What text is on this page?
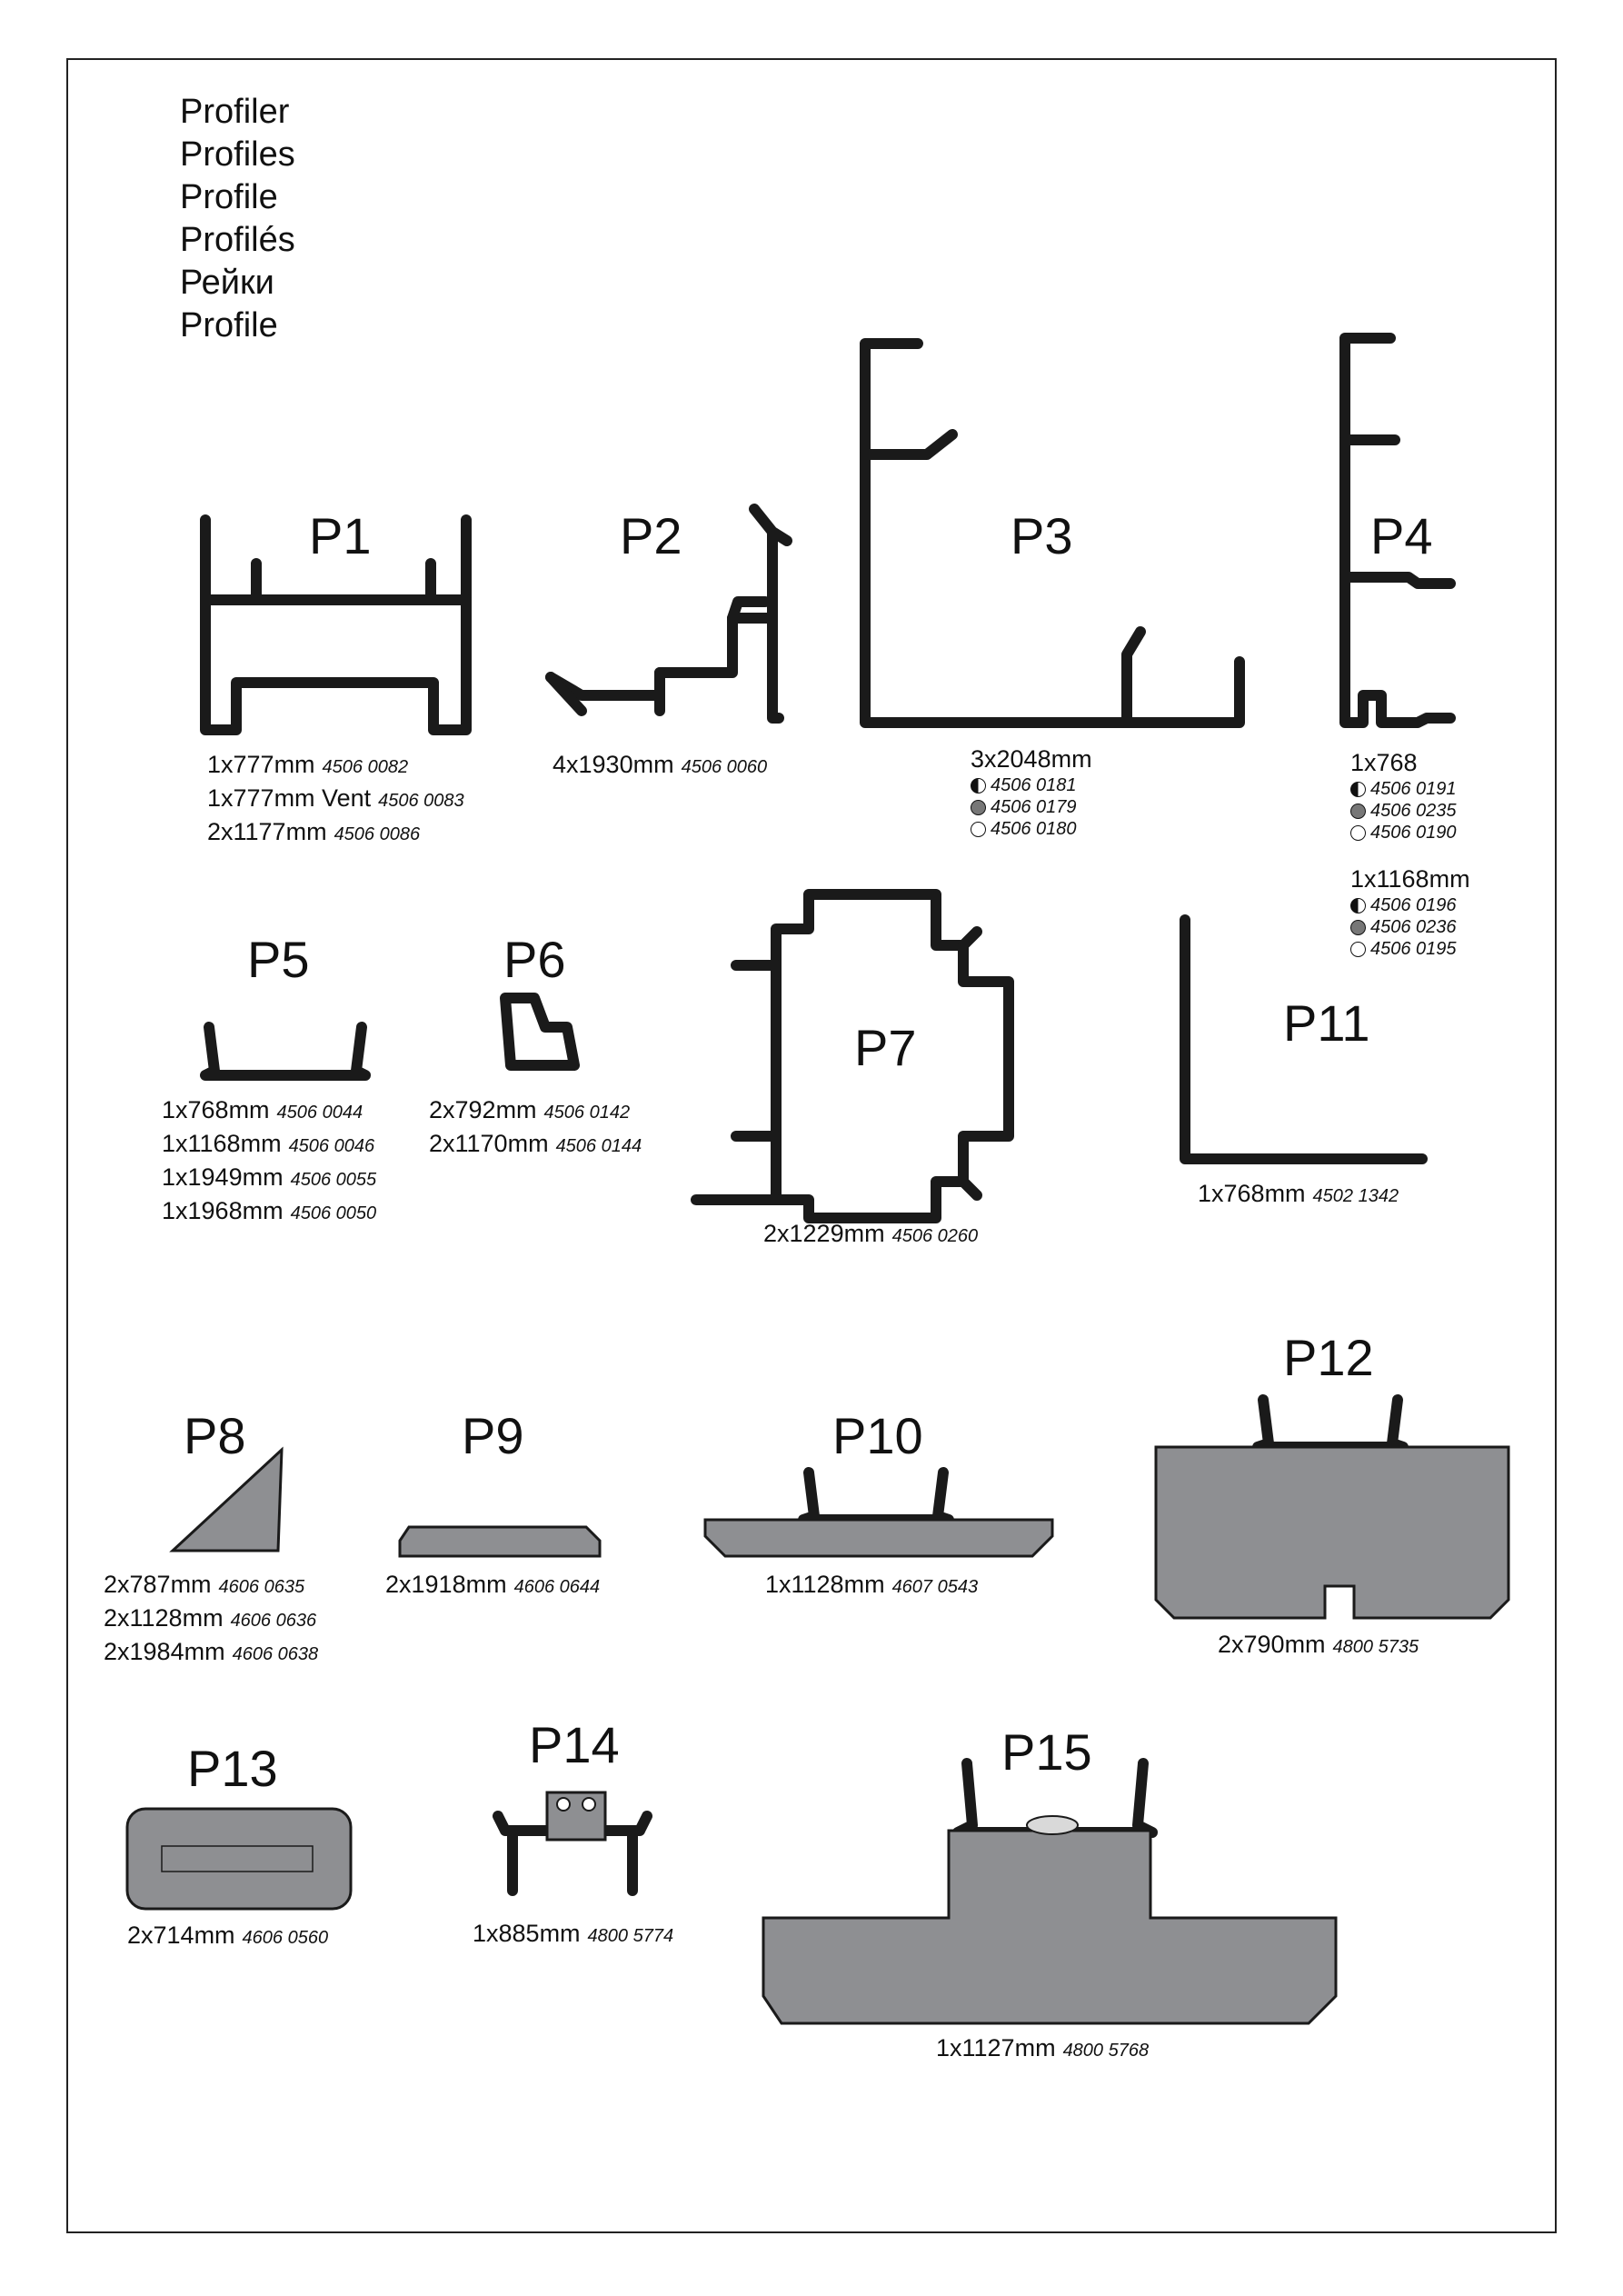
Profiler
Profiles
Profile
Profilés
Рейки
Profile
P1	P2	P3	P4
P5	P6
P7	P11
P8	P9	P10
P12
P13	P14	P15
1x777mm 4506 0082
1x777mm Vent 4506 0083
2x1177mm 4506 0086
4x1930mm 4506 0060	3x2048mm
4506 0181
4506 0179
4506 0180
1x768
4506 0191
4506 0235
4506 0190
1x1168mm
4506 0196
4506 0236
4506 0195
1x768mm 4506 0044
1x1168mm 4506 0046
1x1949mm 4506 0055
1x1968mm 4506 0050
2x792mm 4506 0142
2x1170mm 4506 0144
2x1229mm 4506 0260
1x768mm 4502 1342
2x787mm 4606 0635
2x1128mm 4606 0636
2x1984mm 4606 0638
2x1918mm 4606 0644	1x1128mm 4607 0543
2x790mm 4800 5735
2x714mm 4606 0560	1x885mm 4800 5774
1x1127mm 4800 5768
